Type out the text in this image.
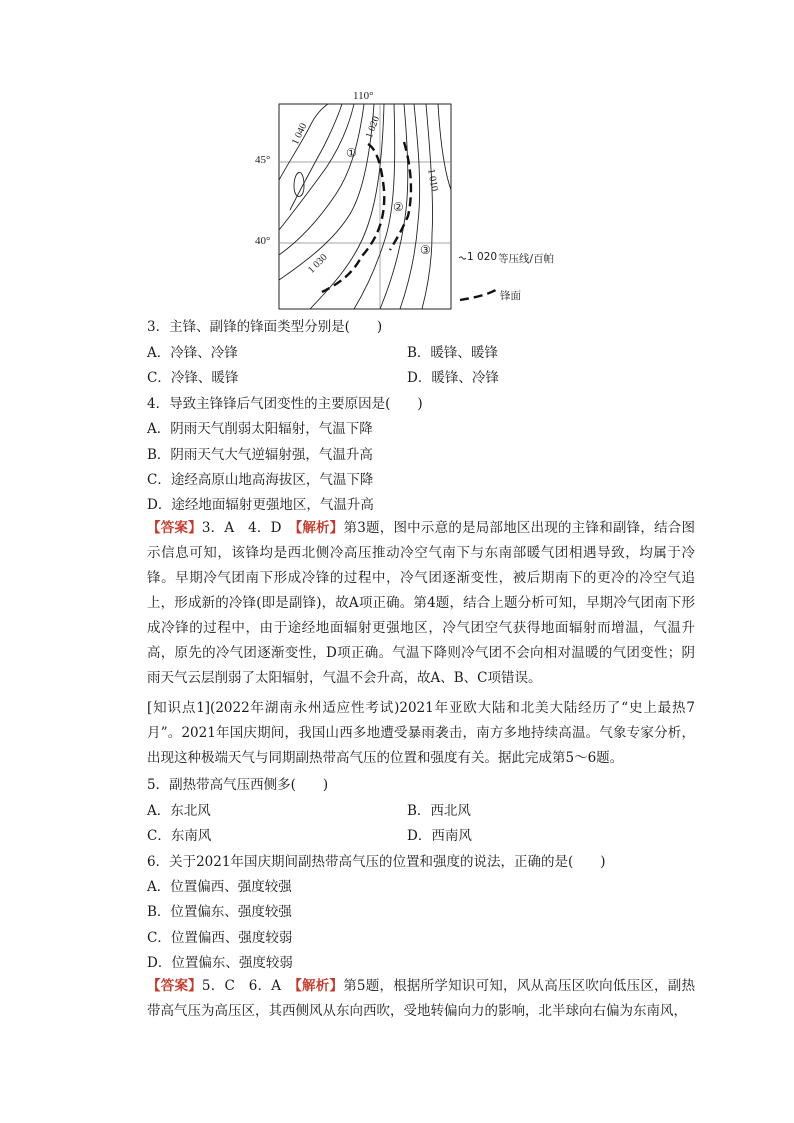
110°
45°
40°
1 040
1 030
1 020
1 010
①
②
③	1 020 等压线/百帕
锋面
3．主锋、副锋的锋面类型分别是(　　)
A．冷锋、冷锋	B．暖锋、暖锋
C．冷锋、暖锋	D．暖锋、冷锋
4．导致主锋锋后气团变性的主要原因是(　　)
A．阴雨天气削弱太阳辐射，气温下降
B．阴雨天气大气逆辐射强，气温升高
C．途经高原山地高海拔区，气温下降
D．途经地面辐射更强地区，气温升高
【答案】3．A　4．D　【解析】第3题，图中示意的是局部地区出现的主锋和副锋，结合图示信息可知，该锋均是西北侧冷高压推动冷空气南下与东南部暖气团相遇导致，均属于冷锋。早期冷气团南下形成冷锋的过程中，冷气团逐渐变性，被后期南下的更冷的冷空气追上，形成新的冷锋(即是副锋)，故A项正确。第4题，结合上题分析可知，早期冷气团南下形成冷锋的过程中，由于途经地面辐射更强地区，冷气团空气获得地面辐射而增温，气温升高，原先的冷气团逐渐变性，D项正确。气温下降则冷气团不会向相对温暖的气团变性；阴雨天气云层削弱了太阳辐射，气温不会升高，故A、B、C项错误。
[知识点1](2022年湖南永州适应性考试)2021年亚欧大陆和北美大陆经历了“史上最热7月”。2021年国庆期间，我国山西多地遭受暴雨袭击，南方多地持续高温。气象专家分析，出现这种极端天气与同期副热带高气压的位置和强度有关。据此完成第5～6题。
5．副热带高气压西侧多(　　)
A．东北风	B．西北风
C．东南风	D．西南风
6．关于2021年国庆期间副热带高气压的位置和强度的说法，正确的是(　　)
A．位置偏西、强度较强
B．位置偏东、强度较强
C．位置偏西、强度较弱
D．位置偏东、强度较弱
【答案】5．C　6．A　【解析】第5题，根据所学知识可知，风从高压区吹向低压区，副热带高气压为高压区，其西侧风从东向西吹，受地转偏向力的影响，北半球向右偏为东南风，
